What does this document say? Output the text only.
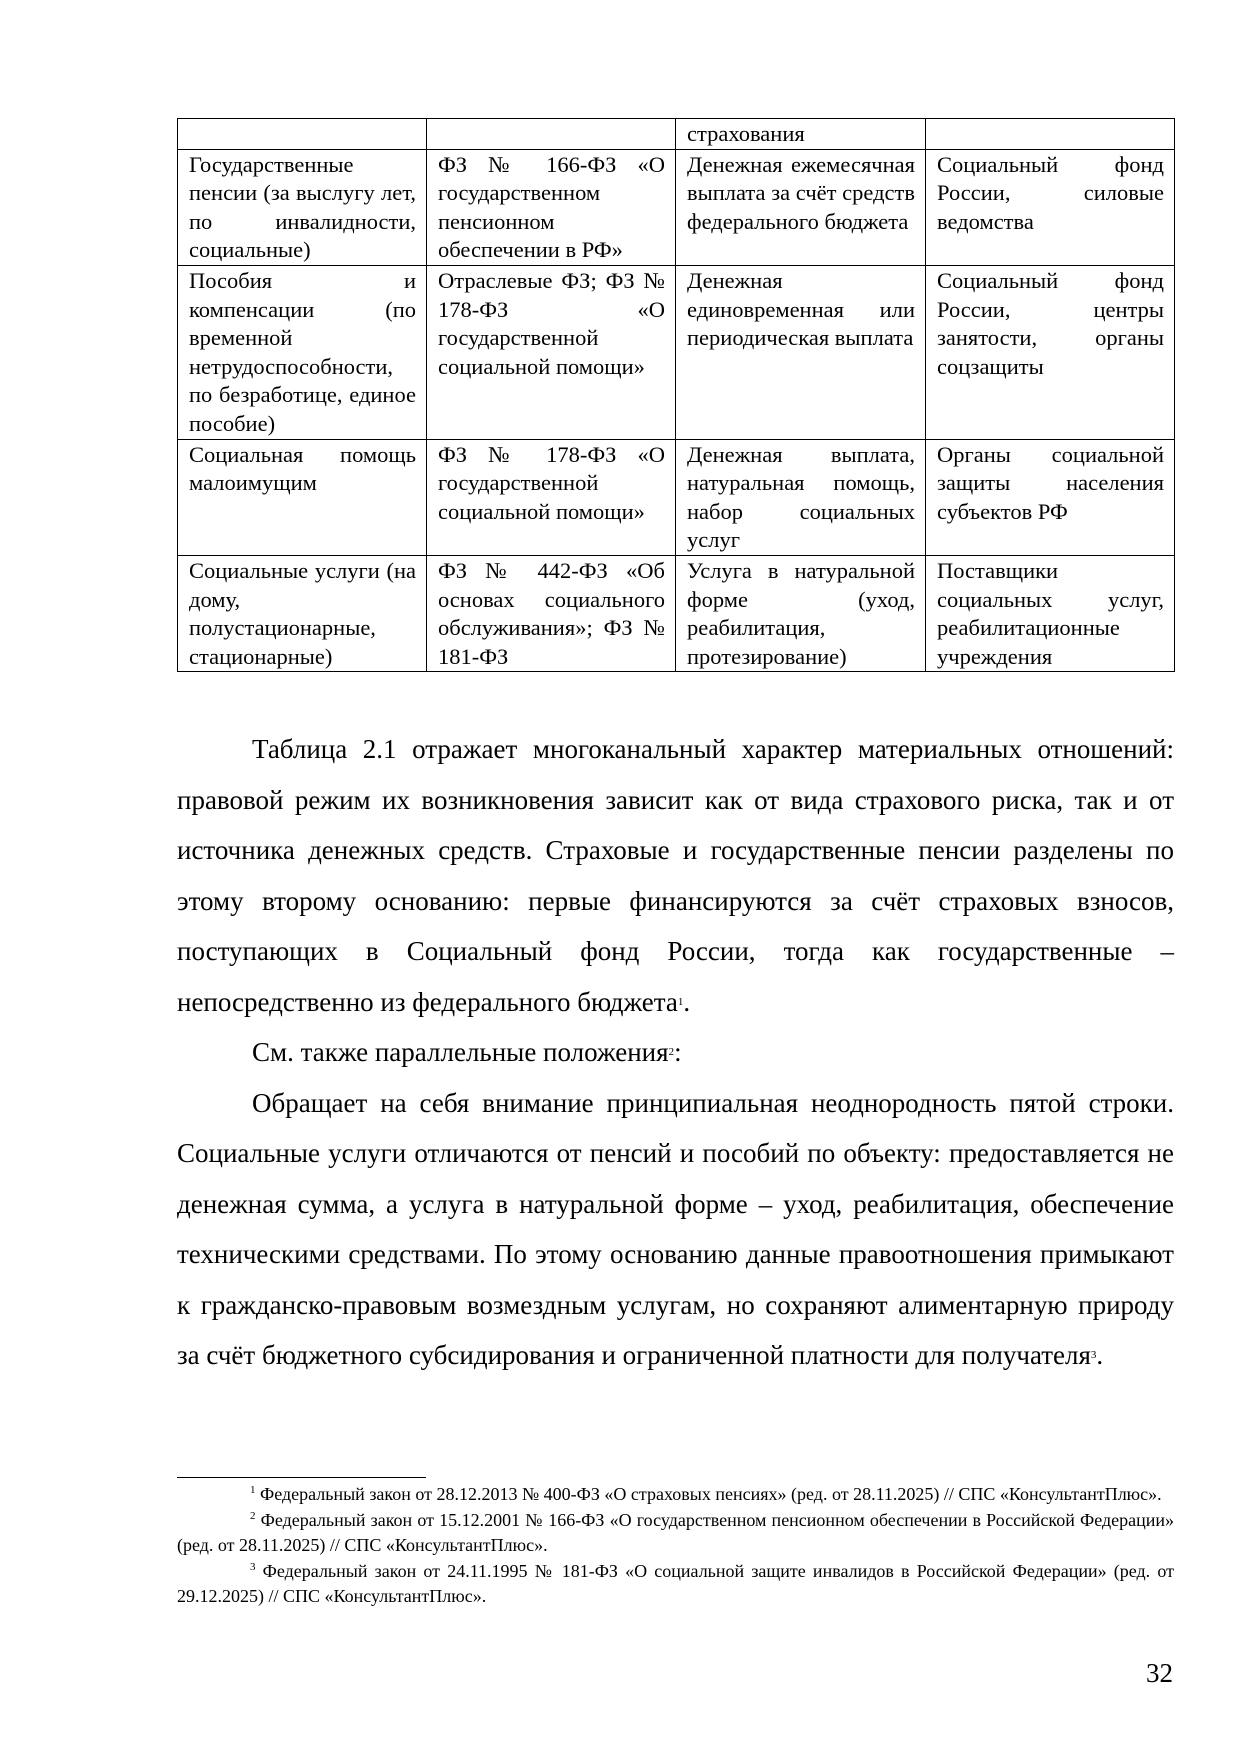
		страхования	
Государственные пенсии (за выслугу лет, по инвалидности, социальные)	ФЗ № 166-ФЗ «О государственном пенсионном обеспечении в РФ»	Денежная ежемесячная выплата за счёт средств федерального бюджета	Социальный фонд России, силовые ведомства
Пособия и компенсации (по временной нетрудоспособности, по безработице, единое пособие)	Отраслевые ФЗ; ФЗ № 178-ФЗ «О государственной социальной помощи»	Денежная единовременная или периодическая выплата	Социальный фонд России, центры занятости, органы соцзащиты
Социальная помощь малоимущим	ФЗ № 178-ФЗ «О государственной социальной помощи»	Денежная выплата, натуральная помощь, набор социальных услуг	Органы социальной защиты населения субъектов РФ
Социальные услуги (на дому, полустационарные, стационарные)	ФЗ № 442-ФЗ «Об основах социального обслуживания»; ФЗ № 181-ФЗ	Услуга в натуральной форме (уход, реабилитация, протезирование)	Поставщики социальных услуг, реабилитационные учреждения

Таблица 2.1 отражает многоканальный характер материальных отношений: правовой режим их возникновения зависит как от вида страхового риска, так и от источника денежных средств. Страховые и государственные пенсии разделены по этому второму основанию: первые финансируются за счёт страховых взносов, поступающих в Социальный фонд России, тогда как государственные – непосредственно из федерального бюджета$^1$.

См. также параллельные положения$^2$:

Обращает на себя внимание принципиальная неоднородность пятой строки. Социальные услуги отличаются от пенсий и пособий по объекту: предоставляется не денежная сумма, а услуга в натуральной форме – уход, реабилитация, обеспечение техническими средствами. По этому основанию данные правоотношения примыкают к гражданско-правовым возмездным услугам, но сохраняют алиментарную природу за счёт бюджетного субсидирования и ограниченной платности для получателя$^3$.

$^1$ Федеральный закон от 28.12.2013 № 400-ФЗ «О страховых пенсиях» (ред. от 28.11.2025) // СПС «КонсультантПлюс».

$^2$ Федеральный закон от 15.12.2001 № 166-ФЗ «О государственном пенсионном обеспечении в Российской Федерации» (ред. от 28.11.2025) // СПС «КонсультантПлюс».

$^3$ Федеральный закон от 24.11.1995 № 181-ФЗ «О социальной защите инвалидов в Российской Федерации» (ред. от 29.12.2025) // СПС «КонсультантПлюс».

32
